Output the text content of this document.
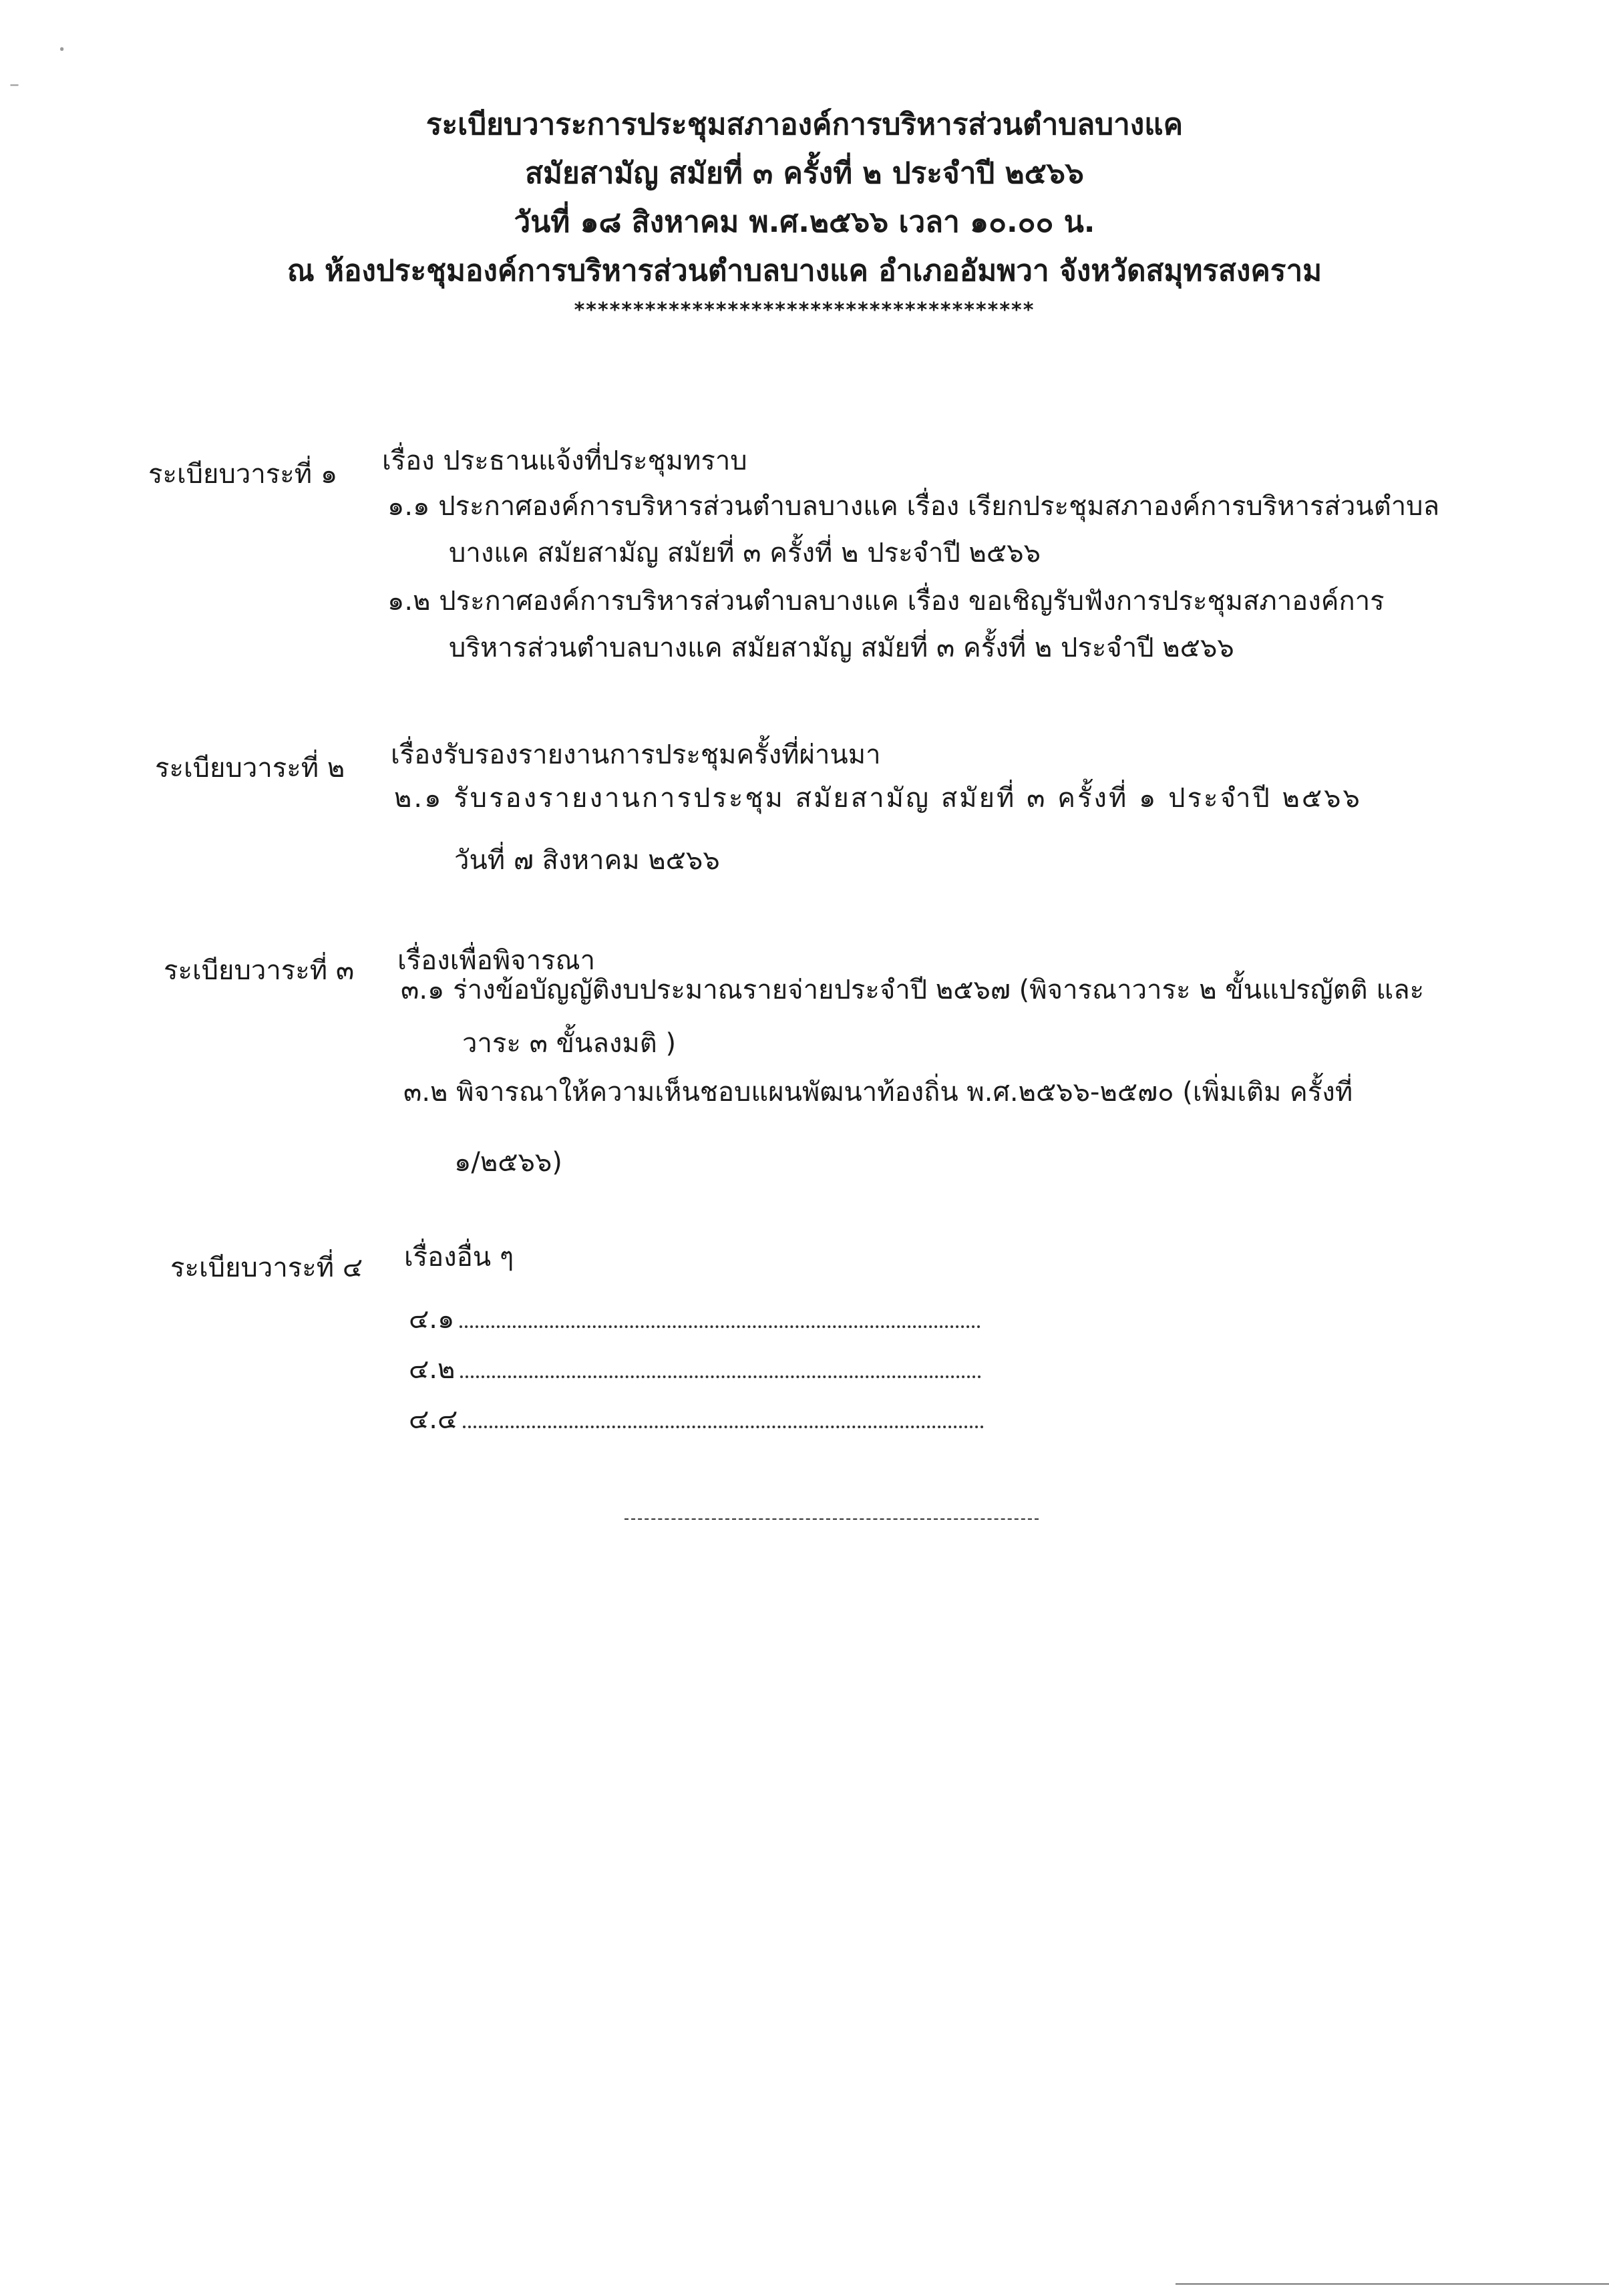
ꞏ
–
ระเบียบวาระการประชุมสภาองค์การบริหารส่วนตำบลบางแค
สมัยสามัญ สมัยที่ ๓ ครั้งที่ ๒ ประจำปี ๒๕๖๖
วันที่ ๑๘ สิงหาคม พ.ศ.๒๕๖๖ เวลา ๑๐.๐๐ น.
ณ ห้องประชุมองค์การบริหารส่วนตำบลบางแค อำเภออัมพวา จังหวัดสมุทรสงคราม
***************************************
ระเบียบวาระที่ ๑ เรื่อง ประธานแจ้งที่ประชุมทราบ
๑.๑ ประกาศองค์การบริหารส่วนตำบลบางแค เรื่อง เรียกประชุมสภาองค์การบริหารส่วนตำบล
บางแค สมัยสามัญ สมัยที่ ๓ ครั้งที่ ๒ ประจำปี ๒๕๖๖
๑.๒ ประกาศองค์การบริหารส่วนตำบลบางแค เรื่อง ขอเชิญรับฟังการประชุมสภาองค์การ
บริหารส่วนตำบลบางแค สมัยสามัญ สมัยที่ ๓ ครั้งที่ ๒ ประจำปี ๒๕๖๖
ระเบียบวาระที่ ๒ เรื่องรับรองรายงานการประชุมครั้งที่ผ่านมา
๒.๑ รับรองรายงานการประชุม สมัยสามัญ สมัยที่ ๓ ครั้งที่ ๑ ประจำปี ๒๕๖๖
วันที่ ๗ สิงหาคม ๒๕๖๖
ระเบียบวาระที่ ๓ เรื่องเพื่อพิจารณา
๓.๑ ร่างข้อบัญญัติงบประมาณรายจ่ายประจำปี ๒๕๖๗ (พิจารณาวาระ ๒ ขั้นแปรญัตติ และ
วาระ ๓ ขั้นลงมติ )
๓.๒ พิจารณาให้ความเห็นชอบแผนพัฒนาท้องถิ่น พ.ศ.๒๕๖๖-๒๕๗๐ (เพิ่มเติม ครั้งที่
๑/๒๕๖๖)
ระเบียบวาระที่ ๔ เรื่องอื่น ๆ
๔.๑
๔.๒
๔.๔
